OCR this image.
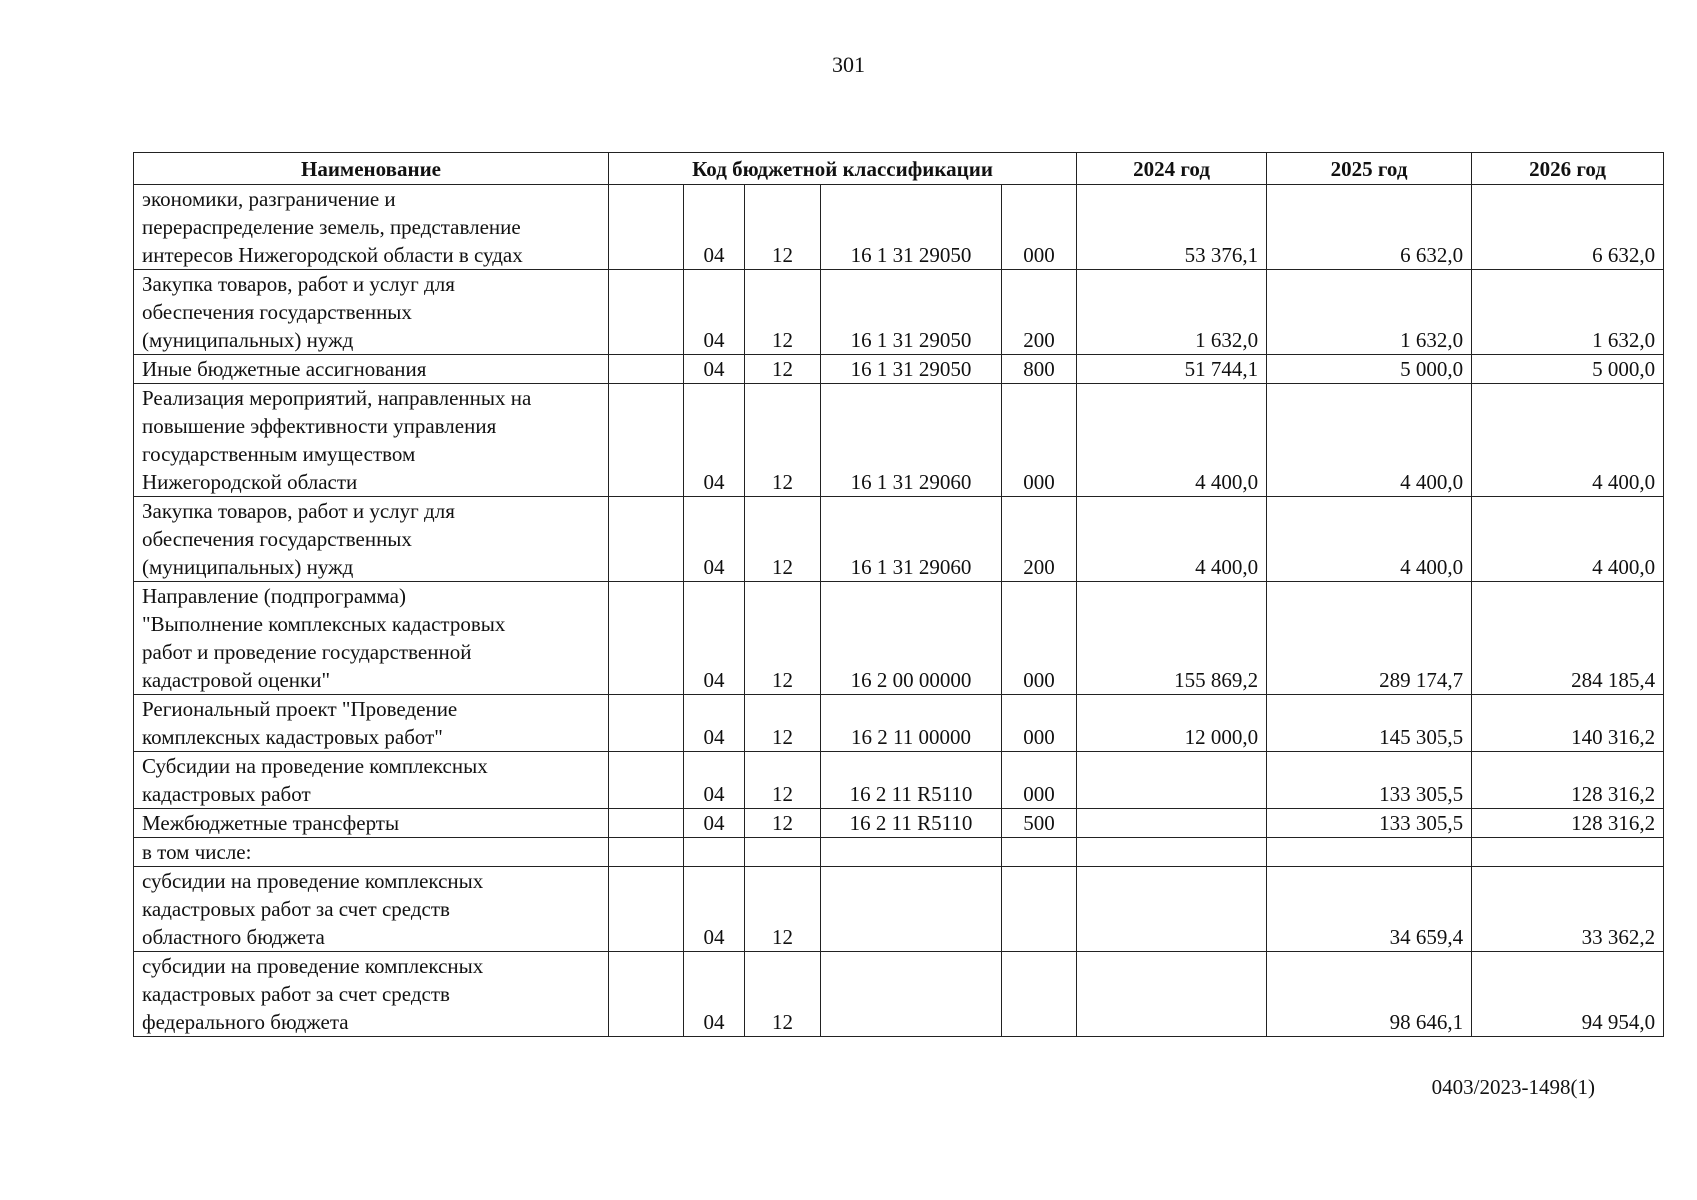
301
Наименование	Код бюджетной классификации					2024 год	2025 год	2026 год
экономики, разграничение и
перераспределение земель, представление
интересов Нижегородской области в судах		04	12	16 1 31 29050	000	53 376,1	6 632,0	6 632,0
Закупка товаров, работ и услуг для
обеспечения государственных
(муниципальных) нужд		04	12	16 1 31 29050	200	1 632,0	1 632,0	1 632,0
Иные бюджетные ассигнования		04	12	16 1 31 29050	800	51 744,1	5 000,0	5 000,0
Реализация мероприятий, направленных на
повышение эффективности управления
государственным имуществом
Нижегородской области		04	12	16 1 31 29060	000	4 400,0	4 400,0	4 400,0
Закупка товаров, работ и услуг для
обеспечения государственных
(муниципальных) нужд		04	12	16 1 31 29060	200	4 400,0	4 400,0	4 400,0
Направление (подпрограмма)
"Выполнение комплексных кадастровых
работ и проведение государственной
кадастровой оценки"		04	12	16 2 00 00000	000	155 869,2	289 174,7	284 185,4
Региональный проект "Проведение
комплексных кадастровых работ"		04	12	16 2 11 00000	000	12 000,0	145 305,5	140 316,2
Субсидии на проведение комплексных
кадастровых работ		04	12	16 2 11 R5110	000		133 305,5	128 316,2
Межбюджетные трансферты		04	12	16 2 11 R5110	500		133 305,5	128 316,2
в том числе:								
субсидии на проведение комплексных
кадастровых работ за счет средств
областного бюджета		04	12				34 659,4	33 362,2
субсидии на проведение комплексных
кадастровых работ за счет средств
федерального бюджета		04	12				98 646,1	94 954,0
0403/2023-1498(1)
